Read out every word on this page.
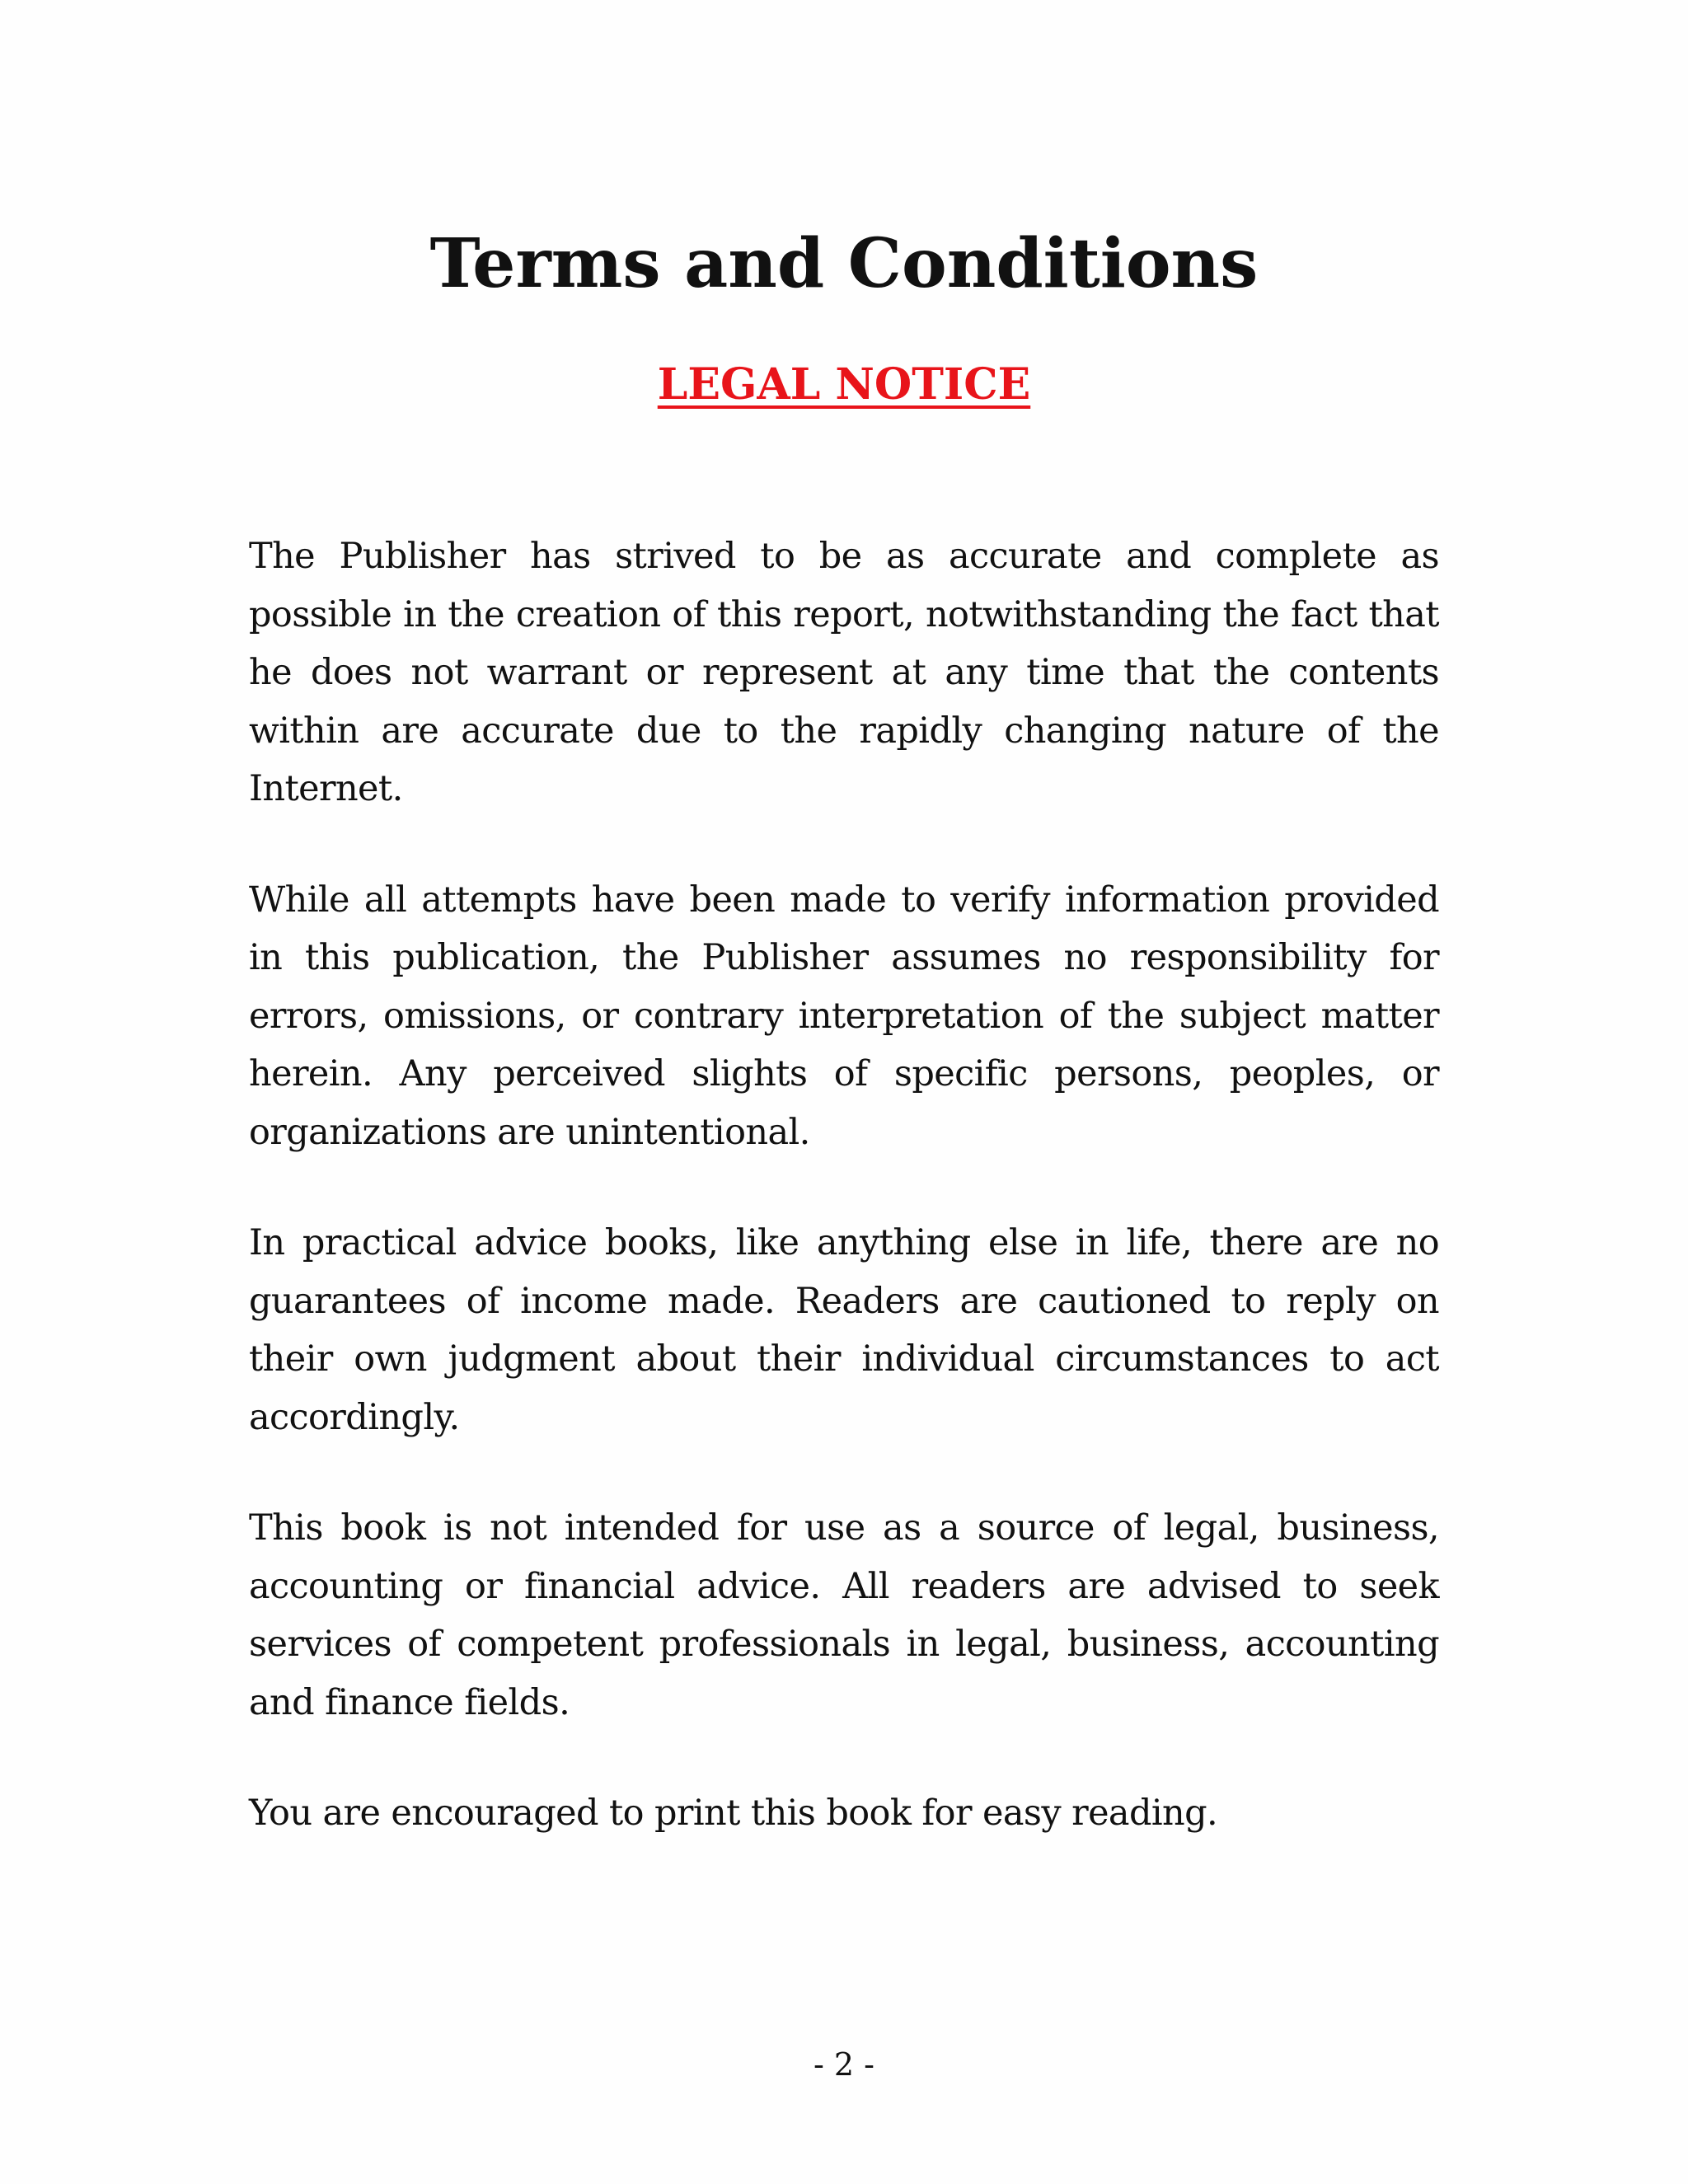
Terms and Conditions
LEGAL NOTICE

The Publisher has strived to be as accurate and complete as possible in the creation of this report, notwithstanding the fact that he does not warrant or represent at any time that the contents within are accurate due to the rapidly changing nature of the Internet.

While all attempts have been made to verify information provided in this publication, the Publisher assumes no responsibility for errors, omissions, or contrary interpretation of the subject matter herein. Any perceived slights of specific persons, peoples, or organizations are unintentional.

In practical advice books, like anything else in life, there are no guarantees of income made. Readers are cautioned to reply on their own judgment about their individual circumstances to act accordingly.

This book is not intended for use as a source of legal, business, accounting or financial advice. All readers are advised to seek services of competent professionals in legal, business, accounting and finance fields.

You are encouraged to print this book for easy reading.

- 2 -
